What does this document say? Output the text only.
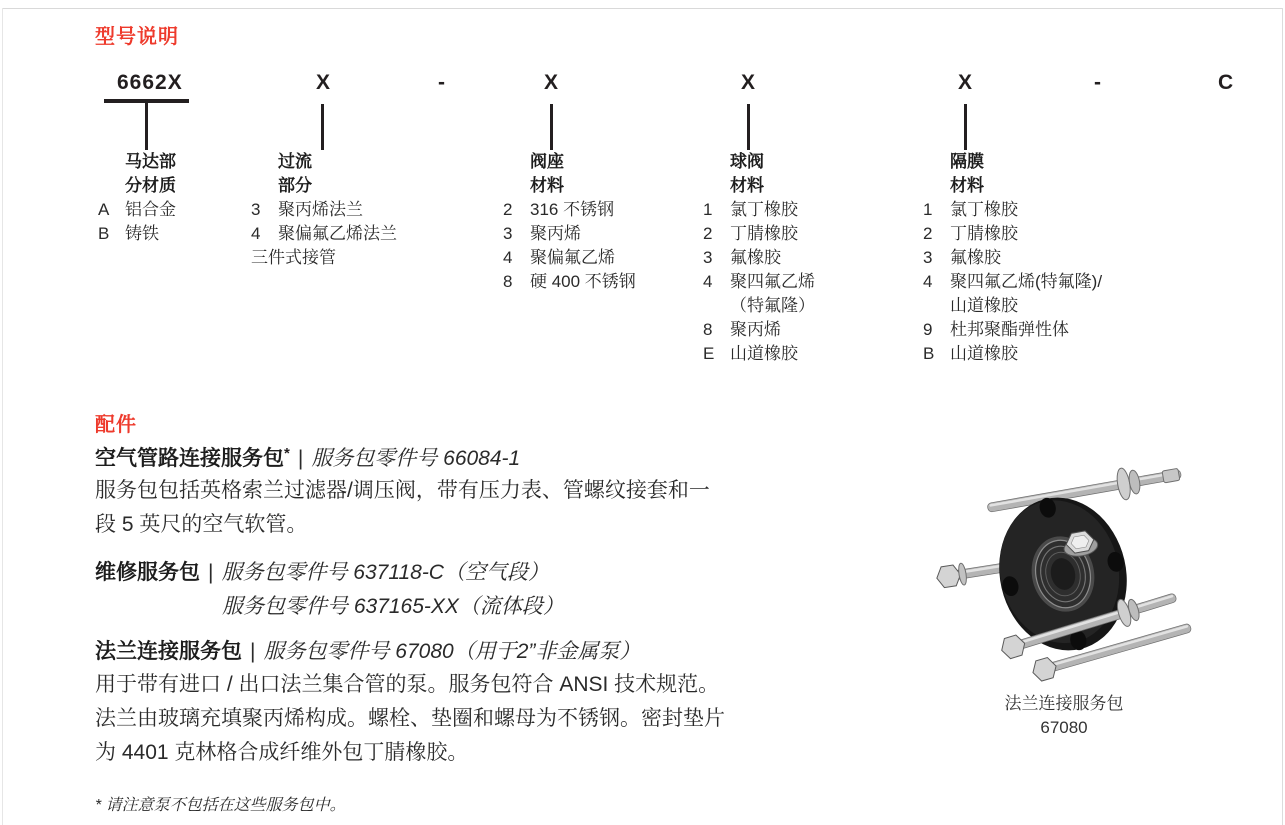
型号说明
6662X	X	-	X	X	X	-	C
马达部
分材质
A 铝合金
B 铸铁
过流
部分
3	聚丙烯法兰
4	聚偏氟乙烯法兰
三件式接管
阀座
材料
2	316 不锈钢
3	聚丙烯
4	聚偏氟乙烯
8	硬 400 不锈钢
球阀
材料
1	氯丁橡胶
2	丁腈橡胶
3	氟橡胶
4	聚四氟乙烯
（特氟隆）
8	聚丙烯
E 山道橡胶
隔膜
材料
1	氯丁橡胶
2	丁腈橡胶
3	氟橡胶
4	聚四氟乙烯(特氟隆)/
山道橡胶
9	杜邦聚酯弹性体
B 山道橡胶
配件
空气管路连接服务包* | 服务包零件号 66084-1
服务包包括英格索兰过滤器/调压阀，带有压力表、管螺纹接套和一
段 5 英尺的空气软管。
维修服务包 | 服务包零件号 637118-C（空气段）
服务包零件号 637165-XX（流体段）
法兰连接服务包 | 服务包零件号 67080（用于2”非金属泵）
用于带有进口 / 出口法兰集合管的泵。服务包符合 ANSI 技术规范。
法兰由玻璃充填聚丙烯构成。螺栓、垫圈和螺母为不锈钢。密封垫片
为 4401 克林格合成纤维外包丁腈橡胶。
* 请注意泵不包括在这些服务包中。
法兰连接服务包
67080
